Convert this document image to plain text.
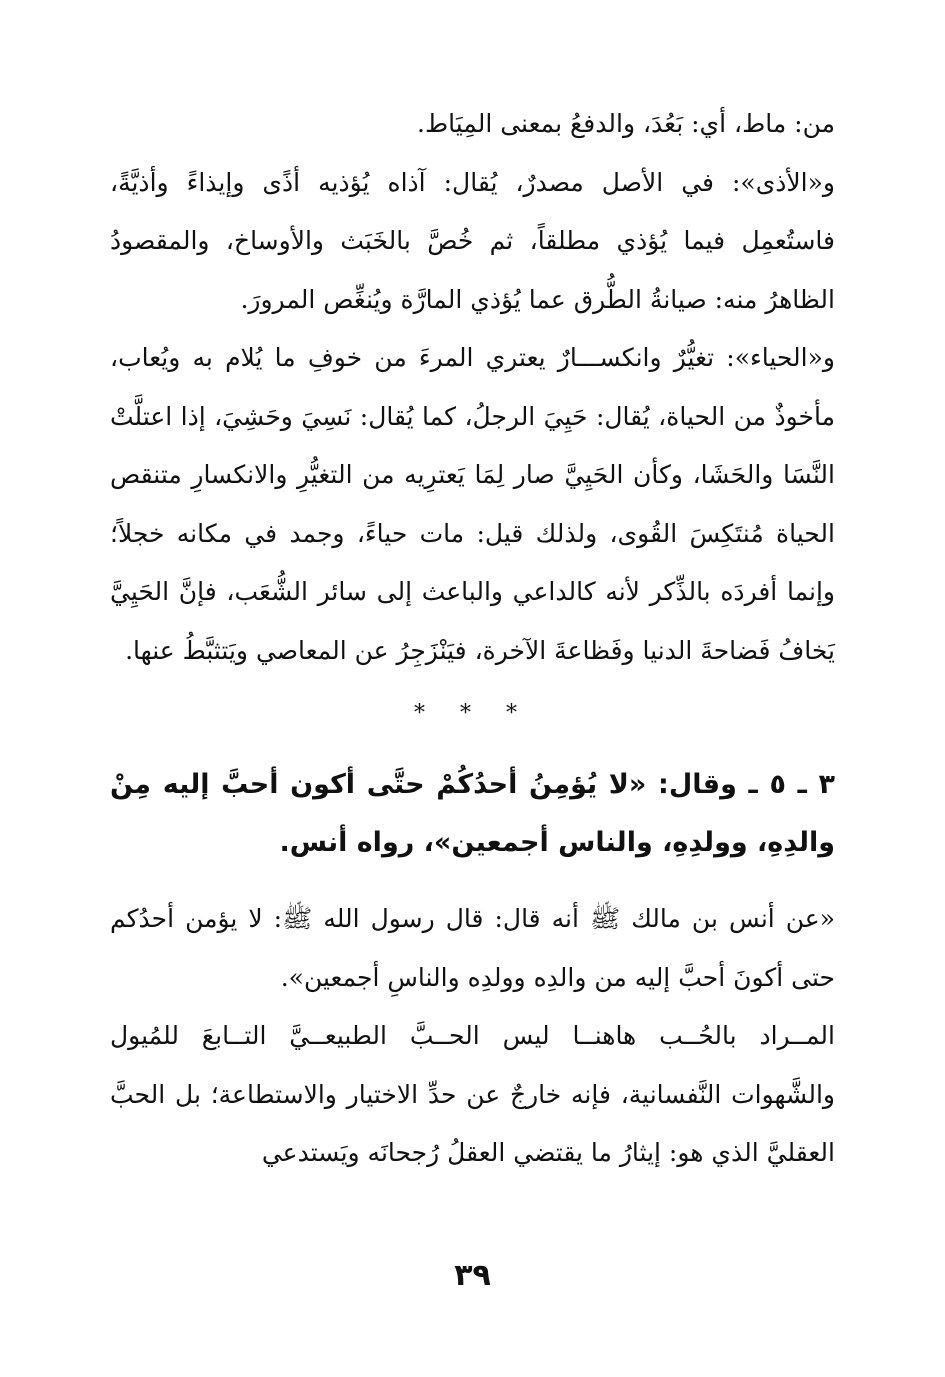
من: ماط، أي: بَعُدَ، والدفعُ بمعنى المِيَاط.

و«الأذى»: في الأصل مصدرٌ، يُقال: آذاه يُؤذيه أذًى وإيذاءً وأذيَّةً، فاستُعمِل فيما يُؤذي مطلقاً، ثم خُصَّ بالخَبَث والأوساخ، والمقصودُ الظاهرُ منه: صيانةُ الطُّرق عما يُؤذي المارَّة ويُنغِّص المرورَ.

و«الحياء»: تغيُّرٌ وانكســـارٌ يعتري المرءَ من خوفِ ما يُلام به ويُعاب، مأخوذٌ من الحياة، يُقال: حَيِيَ الرجلُ، كما يُقال: نَسِيَ وحَشِيَ، إذا اعتلَّتْ النَّسَا والحَشَا، وكأن الحَيِيَّ صار لِمَا يَعترِيه من التغيُّرِ والانكسارِ متنقص الحياة مُنتَكِسَ القُوى، ولذلك قيل: مات حياءً، وجمد في مكانه خجلاً؛ وإنما أفردَه بالذِّكر لأنه كالداعي والباعث إلى سائر الشُّعَب، فإنَّ الحَيِيَّ يَخافُ فَضاحةَ الدنيا وفَظاعةَ الآخرة، فيَنْزَجِرُ عن المعاصي ويَتثبَّطُ عنها.

* * *

٣ ـ ٥ ـ وقال: «لا يُؤمِنُ أحدُكُمْ حتَّى أكون أحبَّ إليه مِنْ والدِهِ، وولدِهِ، والناس أجمعين»، رواه أنس.

«عن أنس بن مالك ﷺ أنه قال: قال رسول الله ﷺ: لا يؤمن أحدُكم حتى أكونَ أحبَّ إليه من والدِه وولدِه والناسِ أجمعين».

المــراد بالحُــب هاهنــا ليس الحــبَّ الطبيعــيَّ التــابعَ للمُيول والشَّهوات النَّفسانية، فإنه خارجٌ عن حدِّ الاختيار والاستطاعة؛ بل الحبَّ العقليَّ الذي هو: إيثارُ ما يقتضي العقلُ رُجحانَه ويَستدعي

٣٩
